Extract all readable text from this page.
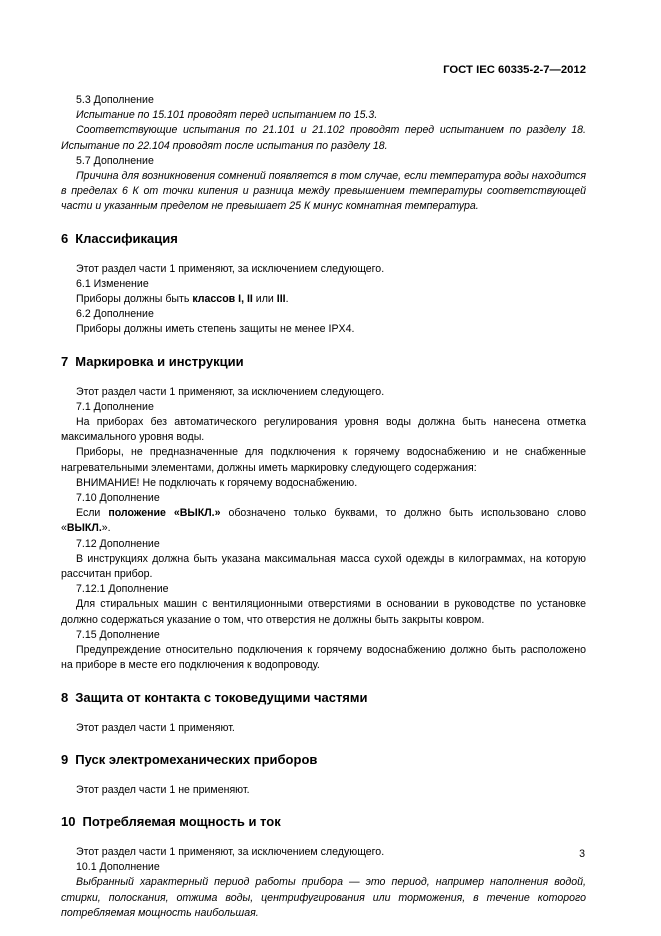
ГОСТ IEC 60335-2-7—2012

5.3 Дополнение

Испытание по 15.101 проводят перед испытанием по 15.3.

Соответствующие испытания по 21.101 и 21.102 проводят перед испытанием по разделу 18. Испытание по 22.104 проводят после испытания по разделу 18.

5.7 Дополнение

Причина для возникновения сомнений появляется в том случае, если температура воды находится в пределах 6 К от точки кипения и разница между превышением температуры соответствующей части и указанным пределом не превышает 25 К минус комнатная температура.

6 Классификация

Этот раздел части 1 применяют, за исключением следующего.

6.1 Изменение

Приборы должны быть классов I, II или III.

6.2 Дополнение

Приборы должны иметь степень защиты не менее IPX4.

7 Маркировка и инструкции

Этот раздел части 1 применяют, за исключением следующего.

7.1 Дополнение

На приборах без автоматического регулирования уровня воды должна быть нанесена отметка максимального уровня воды.

Приборы, не предназначенные для подключения к горячему водоснабжению и не снабженные нагревательными элементами, должны иметь маркировку следующего содержания:

ВНИМАНИЕ! Не подключать к горячему водоснабжению.

7.10 Дополнение

Если положение «ВЫКЛ.» обозначено только буквами, то должно быть использовано слово «ВЫКЛ.».

7.12 Дополнение

В инструкциях должна быть указана максимальная масса сухой одежды в килограммах, на которую рассчитан прибор.

7.12.1 Дополнение

Для стиральных машин с вентиляционными отверстиями в основании в руководстве по установке должно содержаться указание о том, что отверстия не должны быть закрыты ковром.

7.15 Дополнение

Предупреждение относительно подключения к горячему водоснабжению должно быть расположено на приборе в месте его подключения к водопроводу.

8 Защита от контакта с токоведущими частями

Этот раздел части 1 применяют.

9 Пуск электромеханических приборов

Этот раздел части 1 не применяют.

10 Потребляемая мощность и ток

Этот раздел части 1 применяют, за исключением следующего.

10.1 Дополнение

Выбранный характерный период работы прибора — это период, например наполнения водой, стирки, полоскания, отжима воды, центрифугирования или торможения, в течение которого потребляемая мощность наибольшая.

3
